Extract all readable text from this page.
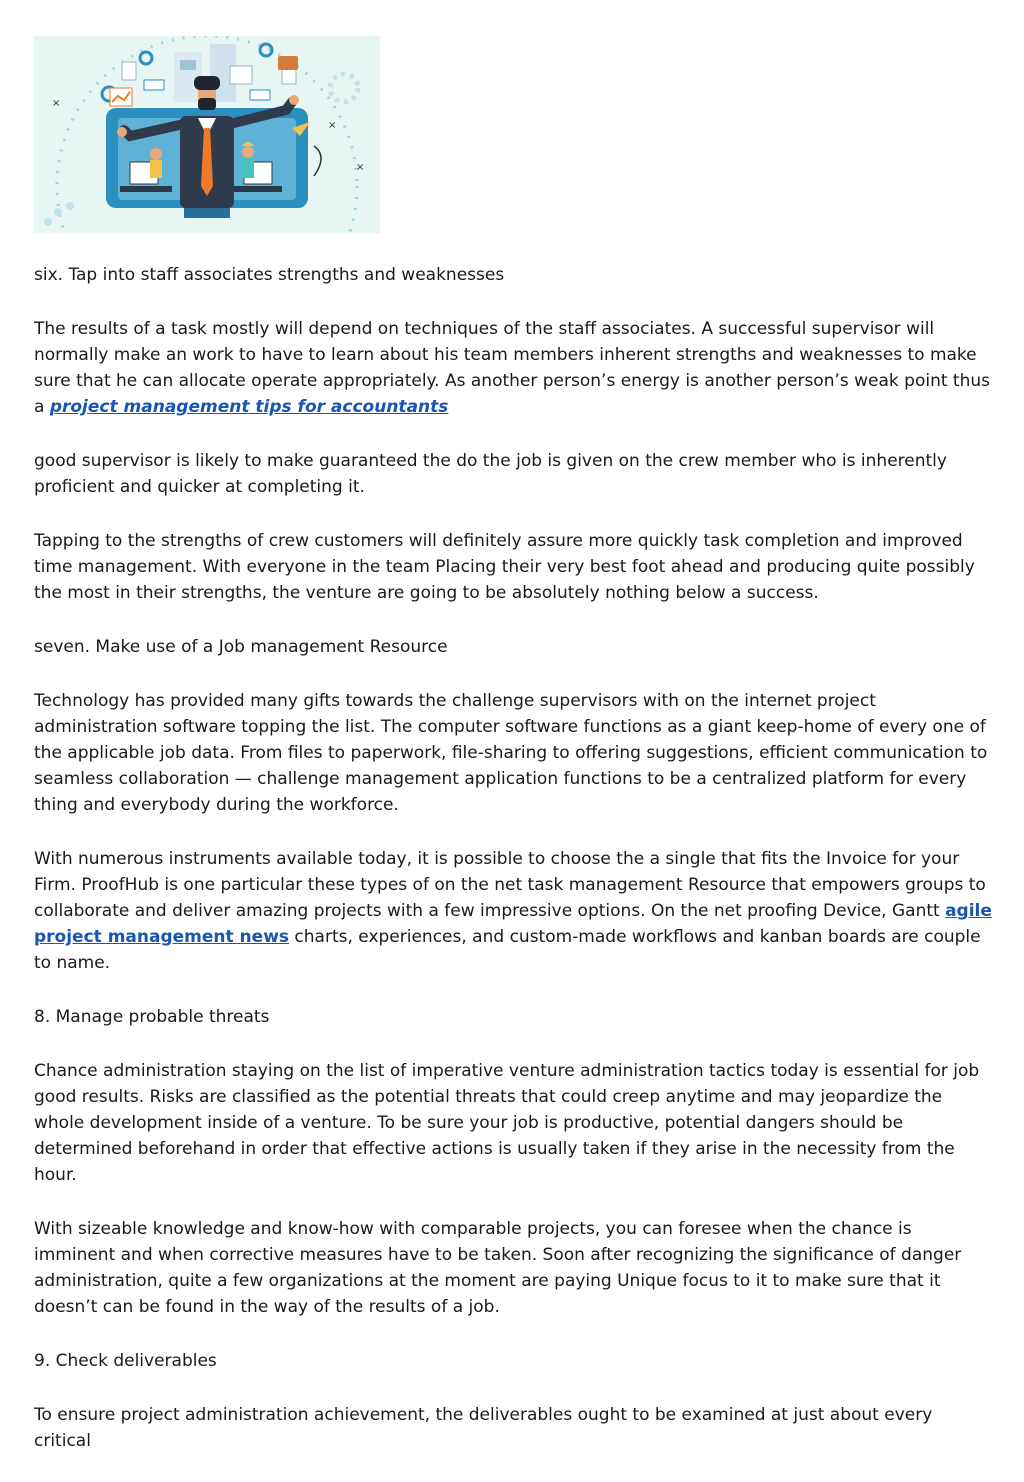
×
×
×

six. Tap into staff associates strengths and weaknesses

The results of a task mostly will depend on techniques of the staff associates. A successful supervisor will normally make an work to have to learn about his team members inherent strengths and weaknesses to make sure that he can allocate operate appropriately. As another person’s energy is another person’s weak point thus a project management tips for accountants

good supervisor is likely to make guaranteed the do the job is given on the crew member who is inherently proficient and quicker at completing it.

Tapping to the strengths of crew customers will definitely assure more quickly task completion and improved time management. With everyone in the team Placing their very best foot ahead and producing quite possibly the most in their strengths, the venture are going to be absolutely nothing below a success.

seven. Make use of a Job management Resource

Technology has provided many gifts towards the challenge supervisors with on the internet project administration software topping the list. The computer software functions as a giant keep-home of every one of the applicable job data. From files to paperwork, file-sharing to offering suggestions, efficient communication to seamless collaboration — challenge management application functions to be a centralized platform for every thing and everybody during the workforce.

With numerous instruments available today, it is possible to choose the a single that fits the Invoice for your Firm. ProofHub is one particular these types of on the net task management Resource that empowers groups to collaborate and deliver amazing projects with a few impressive options. On the net proofing Device, Gantt agile project management news charts, experiences, and custom-made workflows and kanban boards are couple to name.

8. Manage probable threats

Chance administration staying on the list of imperative venture administration tactics today is essential for job good results. Risks are classified as the potential threats that could creep anytime and may jeopardize the whole development inside of a venture. To be sure your job is productive, potential dangers should be determined beforehand in order that effective actions is usually taken if they arise in the necessity from the hour.

With sizeable knowledge and know-how with comparable projects, you can foresee when the chance is imminent and when corrective measures have to be taken. Soon after recognizing the significance of danger administration, quite a few organizations at the moment are paying Unique focus to it to make sure that it doesn’t can be found in the way of the results of a job.

9. Check deliverables

To ensure project administration achievement, the deliverables ought to be examined at just about every critical
